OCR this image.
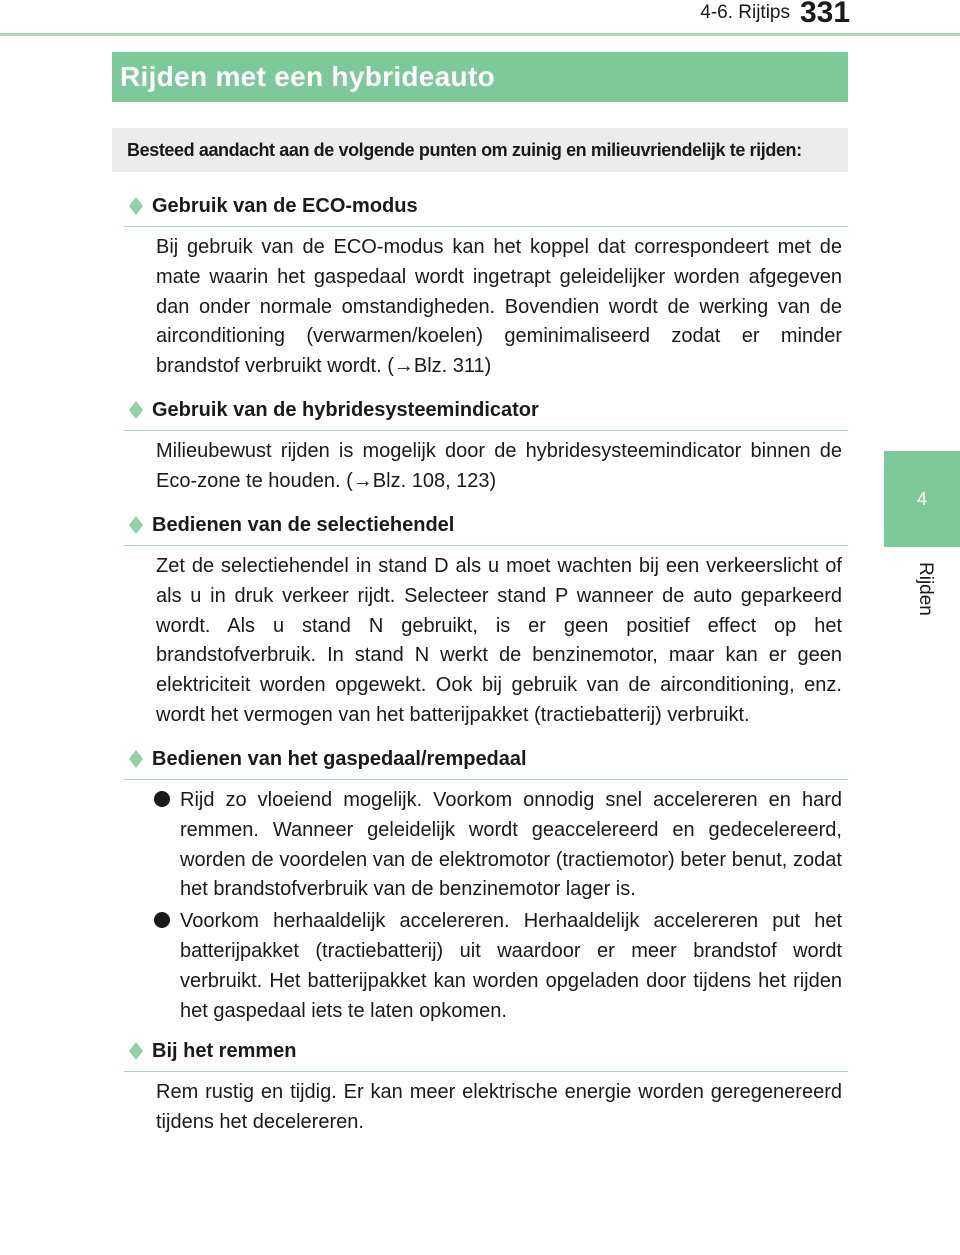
4-6. Rijtips 331
4
Rijden
Rijden met een hybrideauto
Besteed aandacht aan de volgende punten om zuinig en milieuvriendelijk te rijden:
Gebruik van de ECO-modus

Bij gebruik van de ECO-modus kan het koppel dat correspondeert met de mate waarin het gaspedaal wordt ingetrapt geleidelijker worden afgegeven dan onder normale omstandigheden. Bovendien wordt de werking van de airconditioning (verwarmen/koelen) geminimaliseerd zodat er minder brandstof verbruikt wordt. (→Blz. 311)

Gebruik van de hybridesysteemindicator

Milieubewust rijden is mogelijk door de hybridesysteemindicator binnen de Eco-zone te houden. (→Blz. 108, 123)

Bedienen van de selectiehendel

Zet de selectiehendel in stand D als u moet wachten bij een verkeerslicht of als u in druk verkeer rijdt. Selecteer stand P wanneer de auto geparkeerd wordt. Als u stand N gebruikt, is er geen positief effect op het brandstofverbruik. In stand N werkt de benzinemotor, maar kan er geen elektriciteit worden opgewekt. Ook bij gebruik van de airconditioning, enz. wordt het vermogen van het batterijpakket (tractiebatterij) verbruikt.

Bedienen van het gaspedaal/rempedaal
Rijd zo vloeiend mogelijk. Voorkom onnodig snel accelereren en hard remmen. Wanneer geleidelijk wordt geaccelereerd en gedecelereerd, worden de voordelen van de elektromotor (tractiemotor) beter benut, zodat het brandstofverbruik van de benzinemotor lager is.
Voorkom herhaaldelijk accelereren. Herhaaldelijk accelereren put het batterijpakket (tractiebatterij) uit waardoor er meer brandstof wordt verbruikt. Het batterijpakket kan worden opgeladen door tijdens het rijden het gaspedaal iets te laten opkomen.
Bij het remmen

Rem rustig en tijdig. Er kan meer elektrische energie worden geregenereerd tijdens het decelereren.
